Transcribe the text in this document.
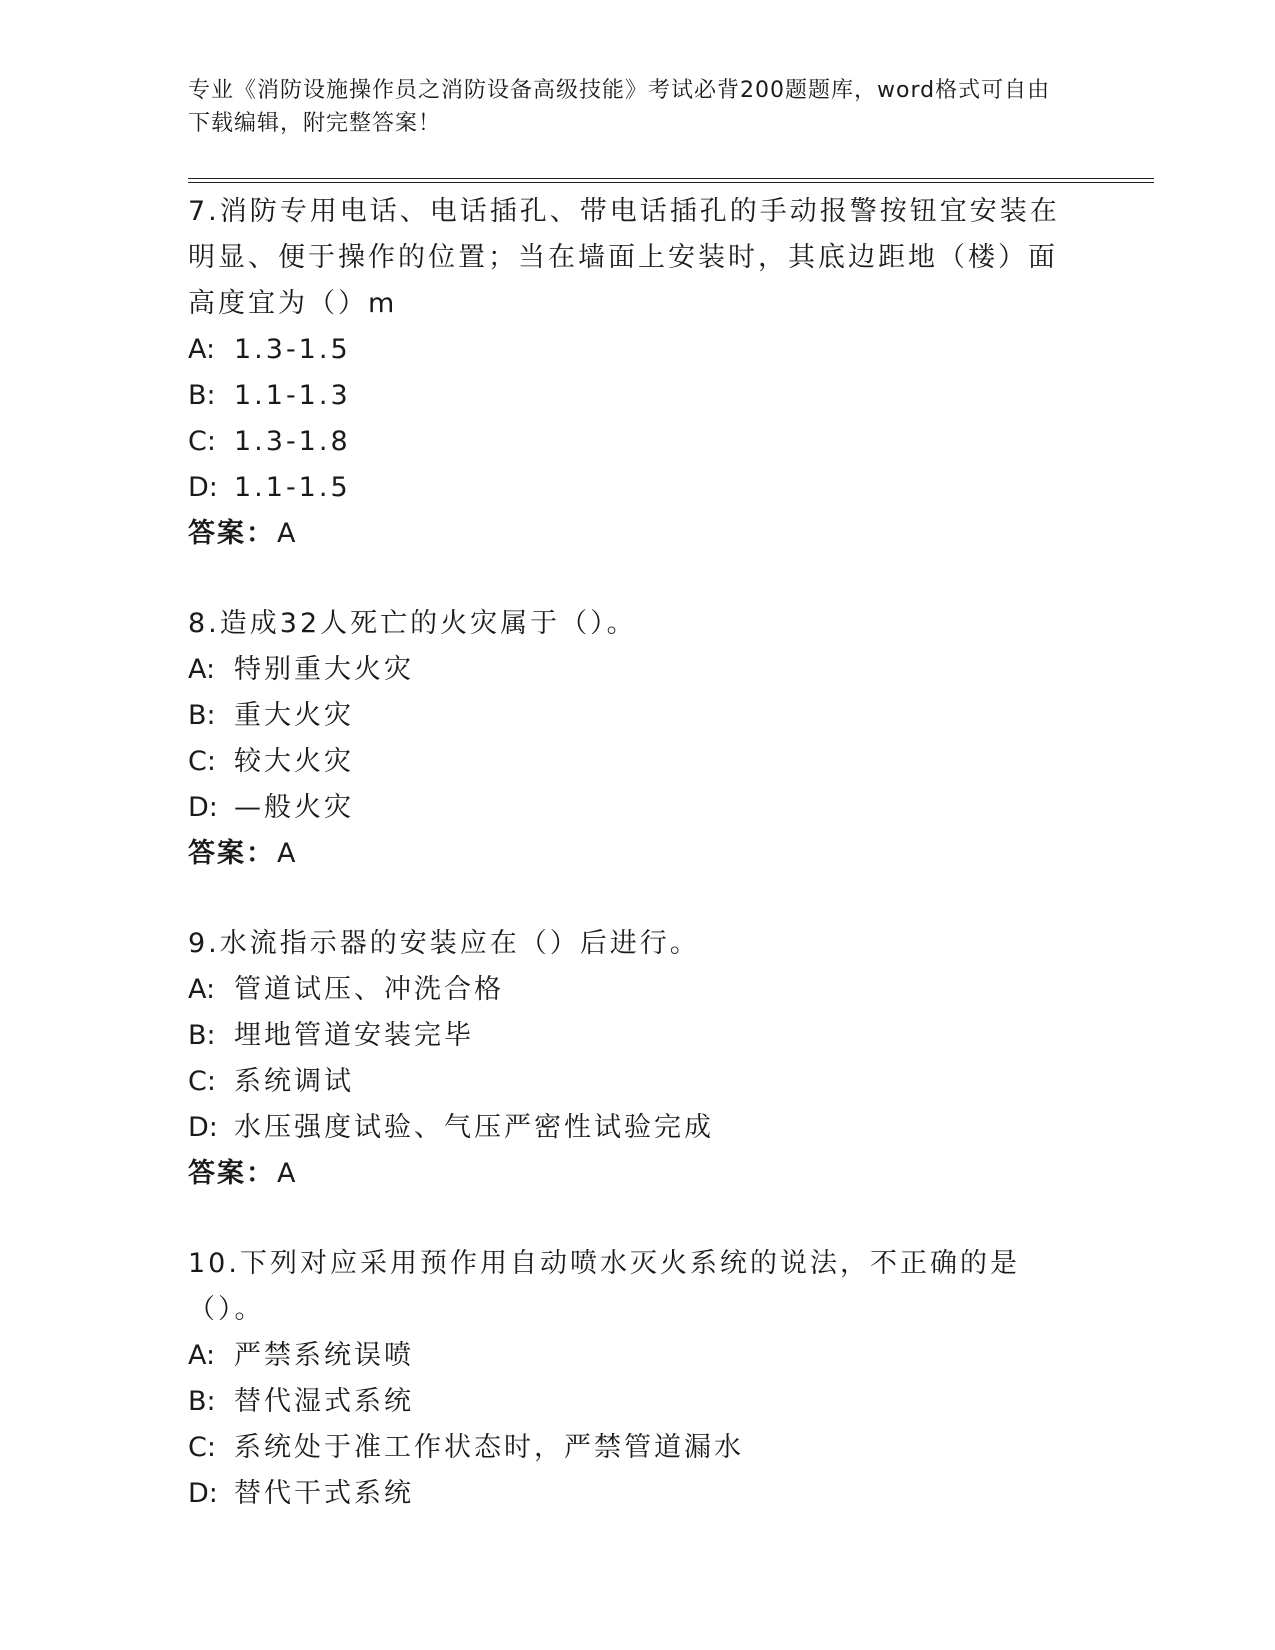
专业《消防设施操作员之消防设备高级技能》考试必背200题题库，word格式可自由下载编辑，附完整答案！
7.消防专用电话、电话插孔、带电话插孔的手动报警按钮宜安装在明显、便于操作的位置；当在墙面上安装时，其底边距地（楼）面高度宜为（）m
A: 1.3-1.5
B: 1.1-1.3
C: 1.3-1.8
D: 1.1-1.5
答案：A
8.造成32人死亡的火灾属于（）。
A: 特别重大火灾
B: 重大火灾
C: 较大火灾
D: —般火灾
答案：A
9.水流指示器的安装应在（）后进行。
A: 管道试压、冲洗合格
B: 埋地管道安装完毕
C: 系统调试
D: 水压强度试验、气压严密性试验完成
答案：A
10.下列对应采用预作用自动喷水灭火系统的说法，不正确的是（）。
A: 严禁系统误喷
B: 替代湿式系统
C: 系统处于准工作状态时，严禁管道漏水
D: 替代干式系统
